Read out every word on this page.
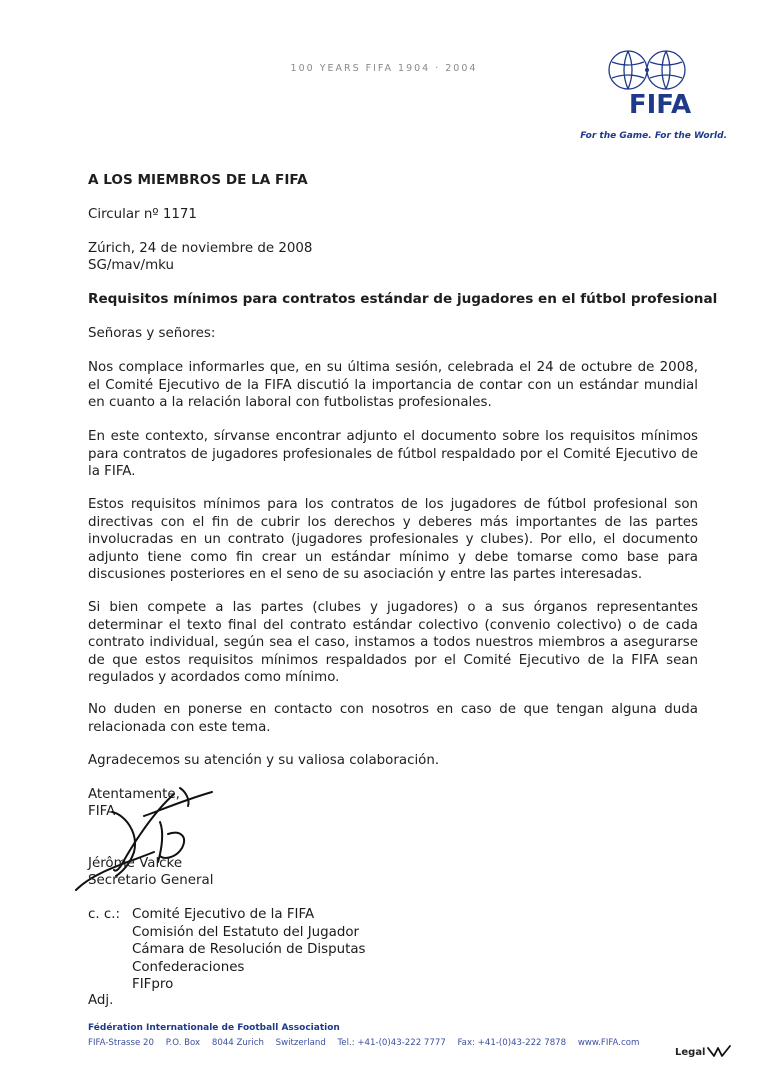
100 YEARS FIFA 1904 · 2004
FIFA
For the Game. For the World.
A LOS MIEMBROS DE LA FIFA
Circular nº 1171
Zúrich, 24 de noviembre de 2008
SG/mav/mku
Requisitos mínimos para contratos estándar de jugadores en el fútbol profesional
Señoras y señores:
Nos complace informarles que, en su última sesión, celebrada el 24 de octubre de 2008, el Comité Ejecutivo de la FIFA discutió la importancia de contar con un estándar mundial en cuanto a la relación laboral con futbolistas profesionales.
En este contexto, sírvanse encontrar adjunto el documento sobre los requisitos mínimos para contratos de jugadores profesionales de fútbol respaldado por el Comité Ejecutivo de la FIFA.
Estos requisitos mínimos para los contratos de los jugadores de fútbol profesional son directivas con el fin de cubrir los derechos y deberes más importantes de las partes involucradas en un contrato (jugadores profesionales y clubes). Por ello, el documento adjunto tiene como fin crear un estándar mínimo y debe tomarse como base para discusiones posteriores en el seno de su asociación y entre las partes interesadas.
Si bien compete a las partes (clubes y jugadores) o a sus órganos representantes determinar el texto final del contrato estándar colectivo (convenio colectivo) o de cada contrato individual, según sea el caso, instamos a todos nuestros miembros a asegurarse de que estos requisitos mínimos respaldados por el Comité Ejecutivo de la FIFA sean regulados y acordados como mínimo.
No duden en ponerse en contacto con nosotros en caso de que tengan alguna duda relacionada con este tema.
Agradecemos su atención y su valiosa colaboración.
Atentamente,
FIFA
Jérôme Valcke
Secretario General
c. c.: Comité Ejecutivo de la FIFA
Comisión del Estatuto del Jugador
Cámara de Resolución de Disputas
Confederaciones
FIFpro
Adj.
Fédération Internationale de Football Association
FIFA-Strasse 20 P.O. Box 8044 Zurich Switzerland Tel.: +41-(0)43-222 7777 Fax: +41-(0)43-222 7878 www.FIFA.com
Legal
